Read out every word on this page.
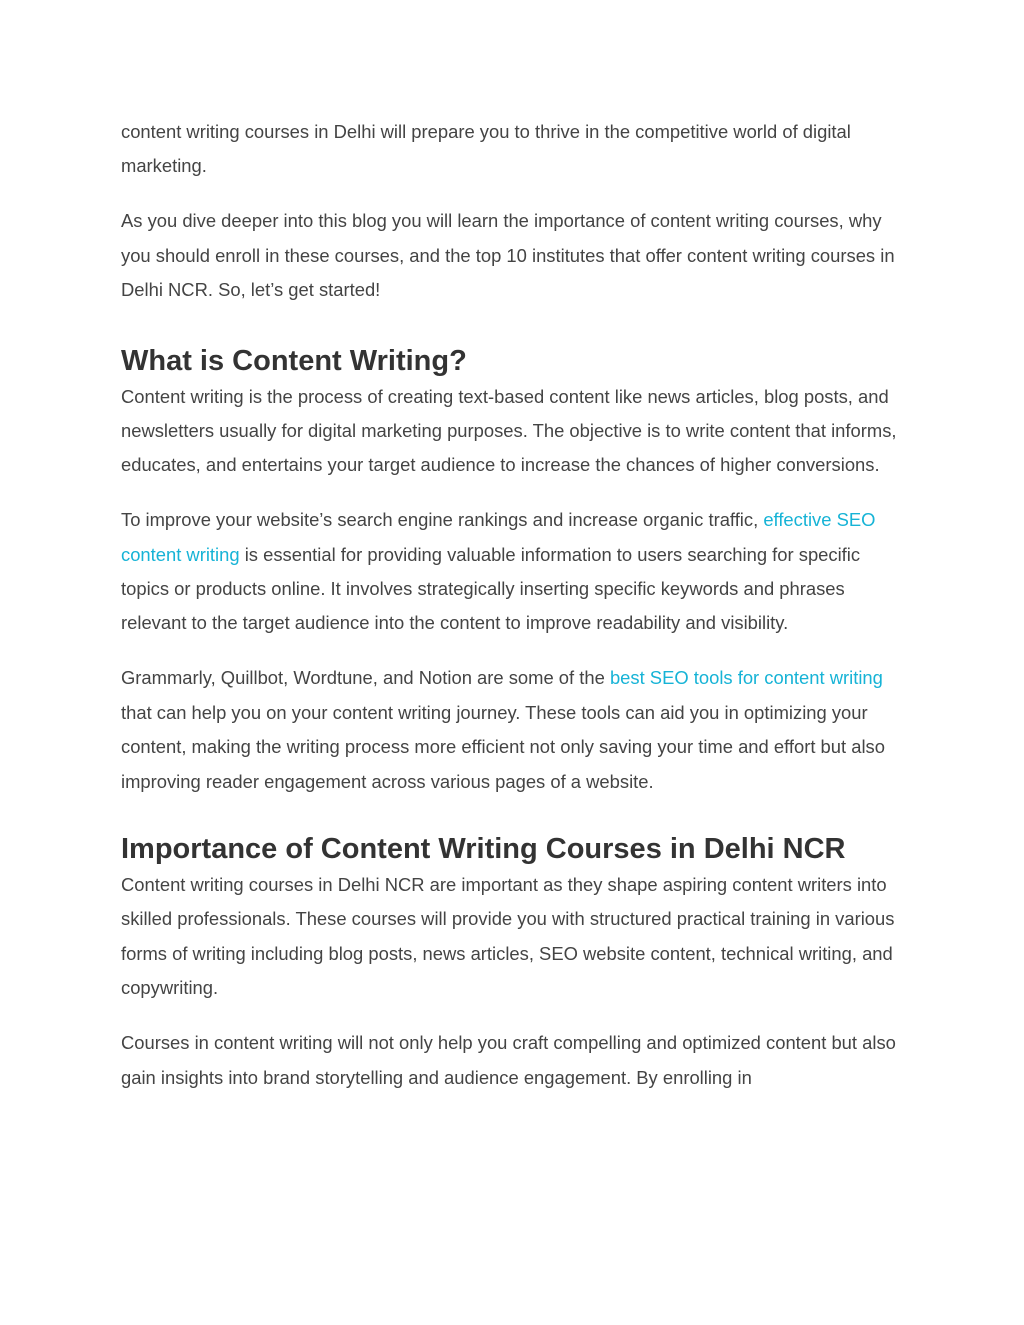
content writing courses in Delhi will prepare you to thrive in the competitive world of digital marketing.

As you dive deeper into this blog you will learn the importance of content writing courses, why you should enroll in these courses, and the top 10 institutes that offer content writing courses in Delhi NCR. So, let’s get started!

What is Content Writing?

Content writing is the process of creating text-based content like news articles, blog posts, and newsletters usually for digital marketing purposes. The objective is to write content that informs, educates, and entertains your target audience to increase the chances of higher conversions.

To improve your website’s search engine rankings and increase organic traffic, effective SEO content writing is essential for providing valuable information to users searching for specific topics or products online. It involves strategically inserting specific keywords and phrases relevant to the target audience into the content to improve readability and visibility.

Grammarly, Quillbot, Wordtune, and Notion are some of the best SEO tools for content writing that can help you on your content writing journey. These tools can aid you in optimizing your content, making the writing process more efficient not only saving your time and effort but also improving reader engagement across various pages of a website.

Importance of Content Writing Courses in Delhi NCR

Content writing courses in Delhi NCR are important as they shape aspiring content writers into skilled professionals. These courses will provide you with structured practical training in various forms of writing including blog posts, news articles, SEO website content, technical writing, and copywriting.

Courses in content writing will not only help you craft compelling and optimized content but also gain insights into brand storytelling and audience engagement. By enrolling in
